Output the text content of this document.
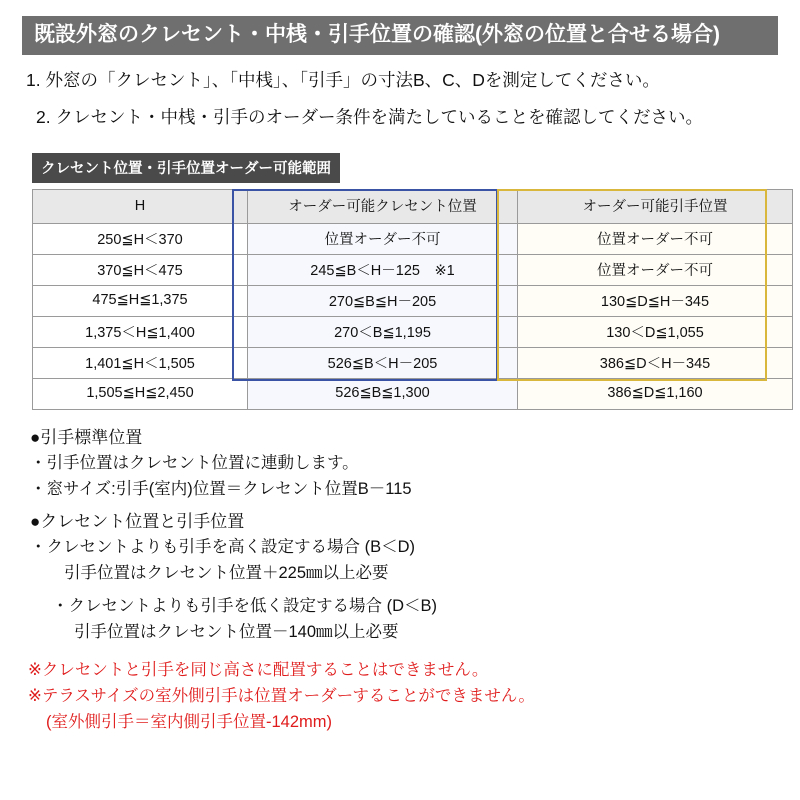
既設外窓のクレセント・中桟・引手位置の確認(外窓の位置と合せる場合)

1. 外窓の「クレセント」、「中桟」、「引手」の寸法B、C、Dを測定してください。

2. クレセント・中桟・引手のオーダー条件を満たしていることを確認してください。

クレセント位置・引手位置オーダー可能範囲
H	オーダー可能クレセント位置	オーダー可能引手位置
250≦H＜370	位置オーダー不可	位置オーダー不可
370≦H＜475	245≦B＜H－125　※1	位置オーダー不可
475≦H≦1,375	270≦B≦H－205	130≦D≦H－345
1,375＜H≦1,400	270＜B≦1,195	130＜D≦1,055
1,401≦H＜1,505	526≦B＜H－205	386≦D＜H－345
1,505≦H≦2,450	526≦B≦1,300	386≦D≦1,160

●引手標準位置

・引手位置はクレセント位置に連動します。

・窓サイズ:引手(室内)位置＝クレセント位置B－115

●クレセント位置と引手位置

・クレセントよりも引手を高く設定する場合 (B＜D)

引手位置はクレセント位置＋225㎜以上必要

・クレセントよりも引手を低く設定する場合 (D＜B)

引手位置はクレセント位置－140㎜以上必要

※クレセントと引手を同じ高さに配置することはできません。

※テラスサイズの室外側引手は位置オーダーすることができません。

(室外側引手＝室内側引手位置-142mm)
